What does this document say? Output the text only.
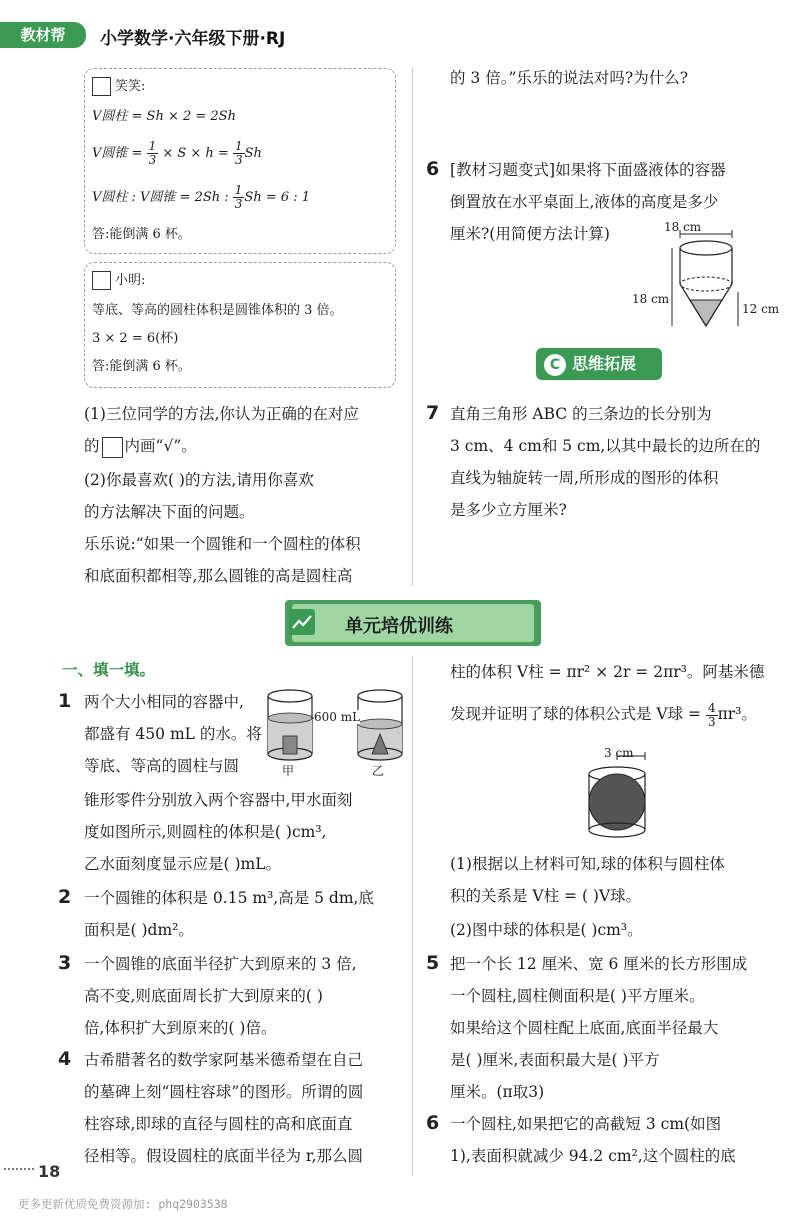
教材帮	小学数学·六年级下册·RJ
笑笑:
V圆柱 = Sh × 2 = 2Sh
V圆锥 = $\frac{1}{3} \times S \times h = \frac{1}{3}$ Sh
V圆柱 : V圆锥 = 2Sh : $\frac{1}{3}$ Sh = 6 : 1
答:能倒满 6 杯。
小明:
等底、等高的圆柱体积是圆锥体积的 3 倍。
3 × 2 = 6(杯)
答:能倒满 6 杯。
(1)三位同学的方法,你认为正确的在对应
的 内画“√”。
(2)你最喜欢( )的方法,请用你喜欢
的方法解决下面的问题。
乐乐说:“如果一个圆锥和一个圆柱的体积
和底面积都相等,那么圆锥的高是圆柱高
的 3 倍。”乐乐的说法对吗?为什么?
6 [教材习题变式]如果将下面盛液体的容器
倒置放在水平桌面上,液体的高度是多少
厘米?(用简便方法计算)	18 cm
18 cm
12 cm
C 思维拓展
7 直角三角形 ABC 的三条边的长分别为
3 cm、4 cm和 5 cm,以其中最长的边所在的
直线为轴旋转一周,所形成的图形的体积
是多少立方厘米?
单元培优训练
一、填一填。
1 两个大小相同的容器中,
都盛有 450 mL 的水。将
等底、等高的圆柱与圆
锥形零件分别放入两个容器中,甲水面刻
度如图所示,则圆柱的体积是( )cm³,
乙水面刻度显示应是( )mL。
600 mL
甲	乙
2 一个圆锥的体积是 0.15 m³,高是 5 dm,底
面积是( )dm²。
3 一个圆锥的底面半径扩大到原来的 3 倍,
高不变,则底面周长扩大到原来的( )
倍,体积扩大到原来的( )倍。
4 古希腊著名的数学家阿基米德希望在自己
的墓碑上刻“圆柱容球”的图形。所谓的圆
柱容球,即球的直径与圆柱的高和底面直
径相等。假设圆柱的底面半径为 r,那么圆
柱的体积 V柱 = πr² × 2r = 2πr³。阿基米德
发现并证明了球的体积公式是 V球 = $\frac{4}{3} \pi r^3$。
3 cm
(1)根据以上材料可知,球的体积与圆柱体
积的关系是 V柱 = ( )V球。
(2)图中球的体积是( )cm³。
5 把一个长 12 厘米、宽 6 厘米的长方形围成
一个圆柱,圆柱侧面积是( )平方厘米。
如果给这个圆柱配上底面,底面半径最大
是( )厘米,表面积最大是( )平方
厘米。(π取3)
6 一个圆柱,如果把它的高截短 3 cm(如图
1),表面积就减少 94.2 cm²,这个圆柱的底
18
更多更新优质免费资源加: phq2903538
